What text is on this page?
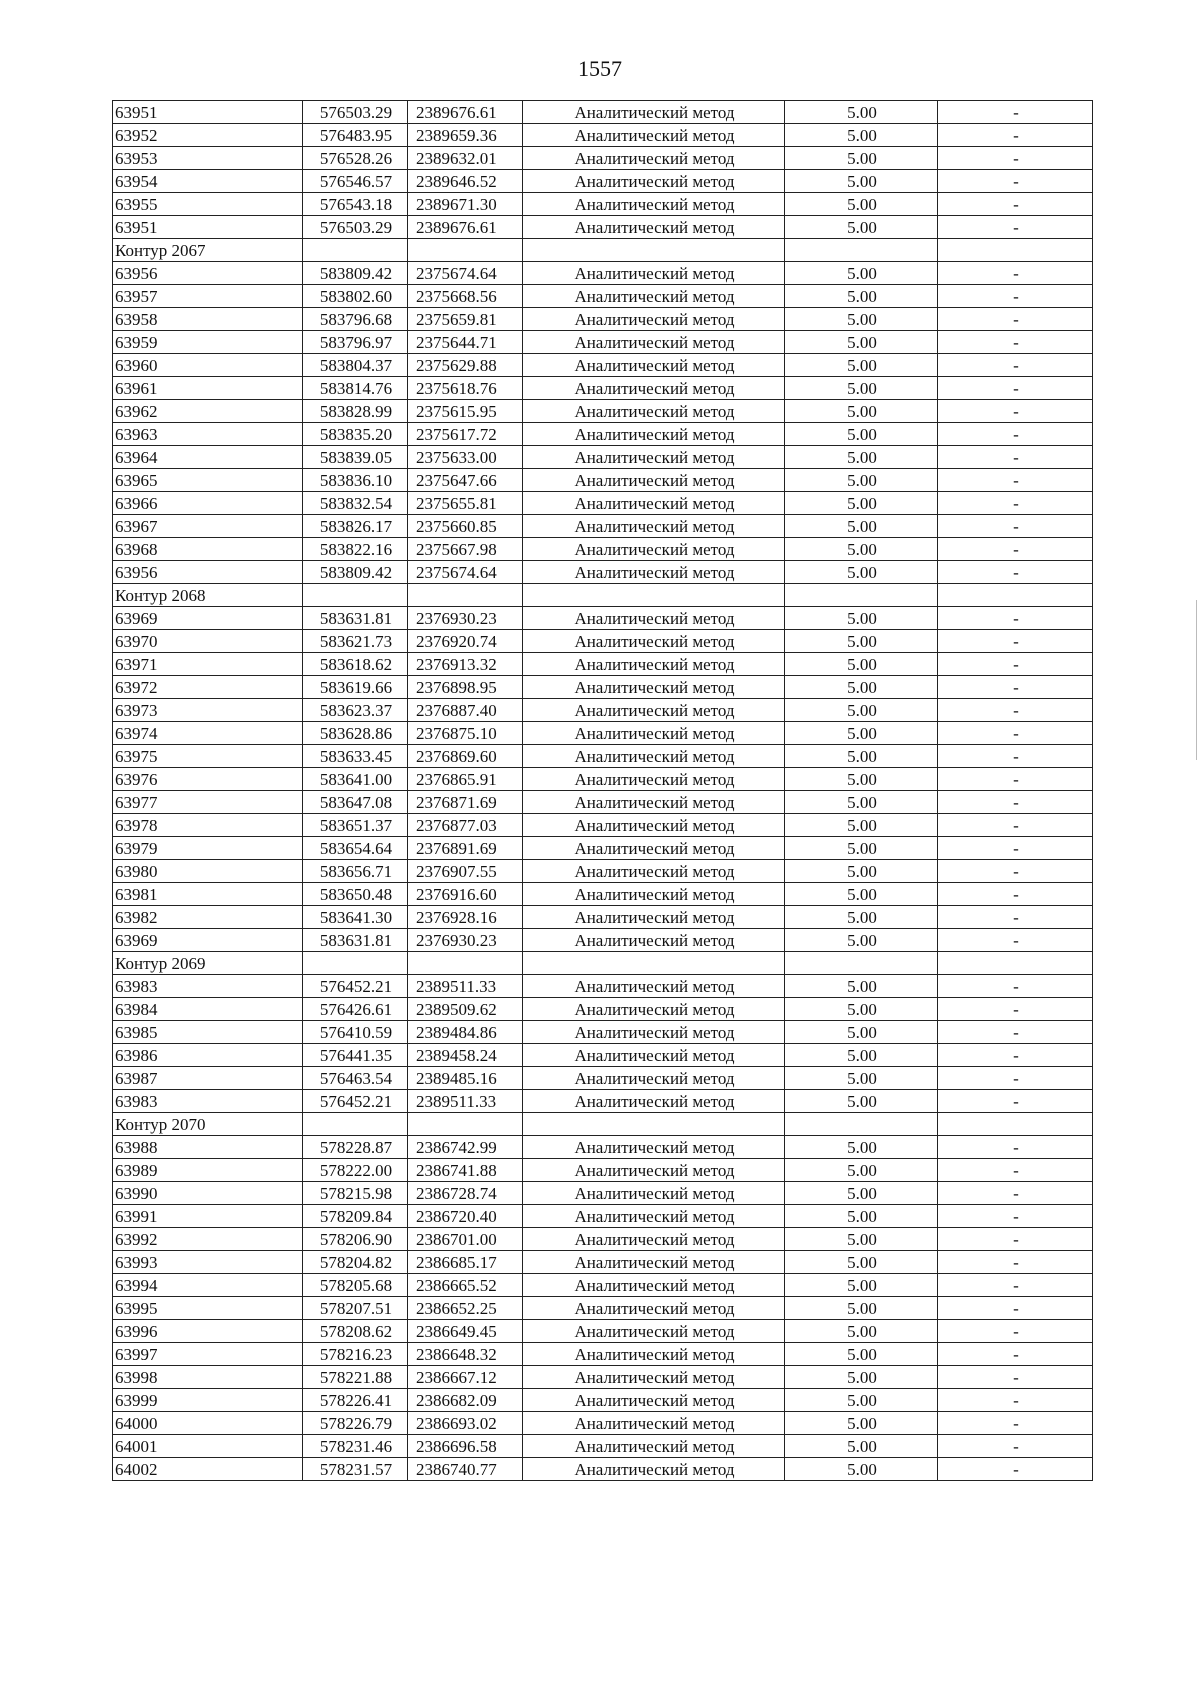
1557
63951	576503.29	2389676.61	Аналитический метод	5.00	-
63952	576483.95	2389659.36	Аналитический метод	5.00	-
63953	576528.26	2389632.01	Аналитический метод	5.00	-
63954	576546.57	2389646.52	Аналитический метод	5.00	-
63955	576543.18	2389671.30	Аналитический метод	5.00	-
63951	576503.29	2389676.61	Аналитический метод	5.00	-
Контур 2067					
63956	583809.42	2375674.64	Аналитический метод	5.00	-
63957	583802.60	2375668.56	Аналитический метод	5.00	-
63958	583796.68	2375659.81	Аналитический метод	5.00	-
63959	583796.97	2375644.71	Аналитический метод	5.00	-
63960	583804.37	2375629.88	Аналитический метод	5.00	-
63961	583814.76	2375618.76	Аналитический метод	5.00	-
63962	583828.99	2375615.95	Аналитический метод	5.00	-
63963	583835.20	2375617.72	Аналитический метод	5.00	-
63964	583839.05	2375633.00	Аналитический метод	5.00	-
63965	583836.10	2375647.66	Аналитический метод	5.00	-
63966	583832.54	2375655.81	Аналитический метод	5.00	-
63967	583826.17	2375660.85	Аналитический метод	5.00	-
63968	583822.16	2375667.98	Аналитический метод	5.00	-
63956	583809.42	2375674.64	Аналитический метод	5.00	-
Контур 2068					
63969	583631.81	2376930.23	Аналитический метод	5.00	-
63970	583621.73	2376920.74	Аналитический метод	5.00	-
63971	583618.62	2376913.32	Аналитический метод	5.00	-
63972	583619.66	2376898.95	Аналитический метод	5.00	-
63973	583623.37	2376887.40	Аналитический метод	5.00	-
63974	583628.86	2376875.10	Аналитический метод	5.00	-
63975	583633.45	2376869.60	Аналитический метод	5.00	-
63976	583641.00	2376865.91	Аналитический метод	5.00	-
63977	583647.08	2376871.69	Аналитический метод	5.00	-
63978	583651.37	2376877.03	Аналитический метод	5.00	-
63979	583654.64	2376891.69	Аналитический метод	5.00	-
63980	583656.71	2376907.55	Аналитический метод	5.00	-
63981	583650.48	2376916.60	Аналитический метод	5.00	-
63982	583641.30	2376928.16	Аналитический метод	5.00	-
63969	583631.81	2376930.23	Аналитический метод	5.00	-
Контур 2069					
63983	576452.21	2389511.33	Аналитический метод	5.00	-
63984	576426.61	2389509.62	Аналитический метод	5.00	-
63985	576410.59	2389484.86	Аналитический метод	5.00	-
63986	576441.35	2389458.24	Аналитический метод	5.00	-
63987	576463.54	2389485.16	Аналитический метод	5.00	-
63983	576452.21	2389511.33	Аналитический метод	5.00	-
Контур 2070					
63988	578228.87	2386742.99	Аналитический метод	5.00	-
63989	578222.00	2386741.88	Аналитический метод	5.00	-
63990	578215.98	2386728.74	Аналитический метод	5.00	-
63991	578209.84	2386720.40	Аналитический метод	5.00	-
63992	578206.90	2386701.00	Аналитический метод	5.00	-
63993	578204.82	2386685.17	Аналитический метод	5.00	-
63994	578205.68	2386665.52	Аналитический метод	5.00	-
63995	578207.51	2386652.25	Аналитический метод	5.00	-
63996	578208.62	2386649.45	Аналитический метод	5.00	-
63997	578216.23	2386648.32	Аналитический метод	5.00	-
63998	578221.88	2386667.12	Аналитический метод	5.00	-
63999	578226.41	2386682.09	Аналитический метод	5.00	-
64000	578226.79	2386693.02	Аналитический метод	5.00	-
64001	578231.46	2386696.58	Аналитический метод	5.00	-
64002	578231.57	2386740.77	Аналитический метод	5.00	-
